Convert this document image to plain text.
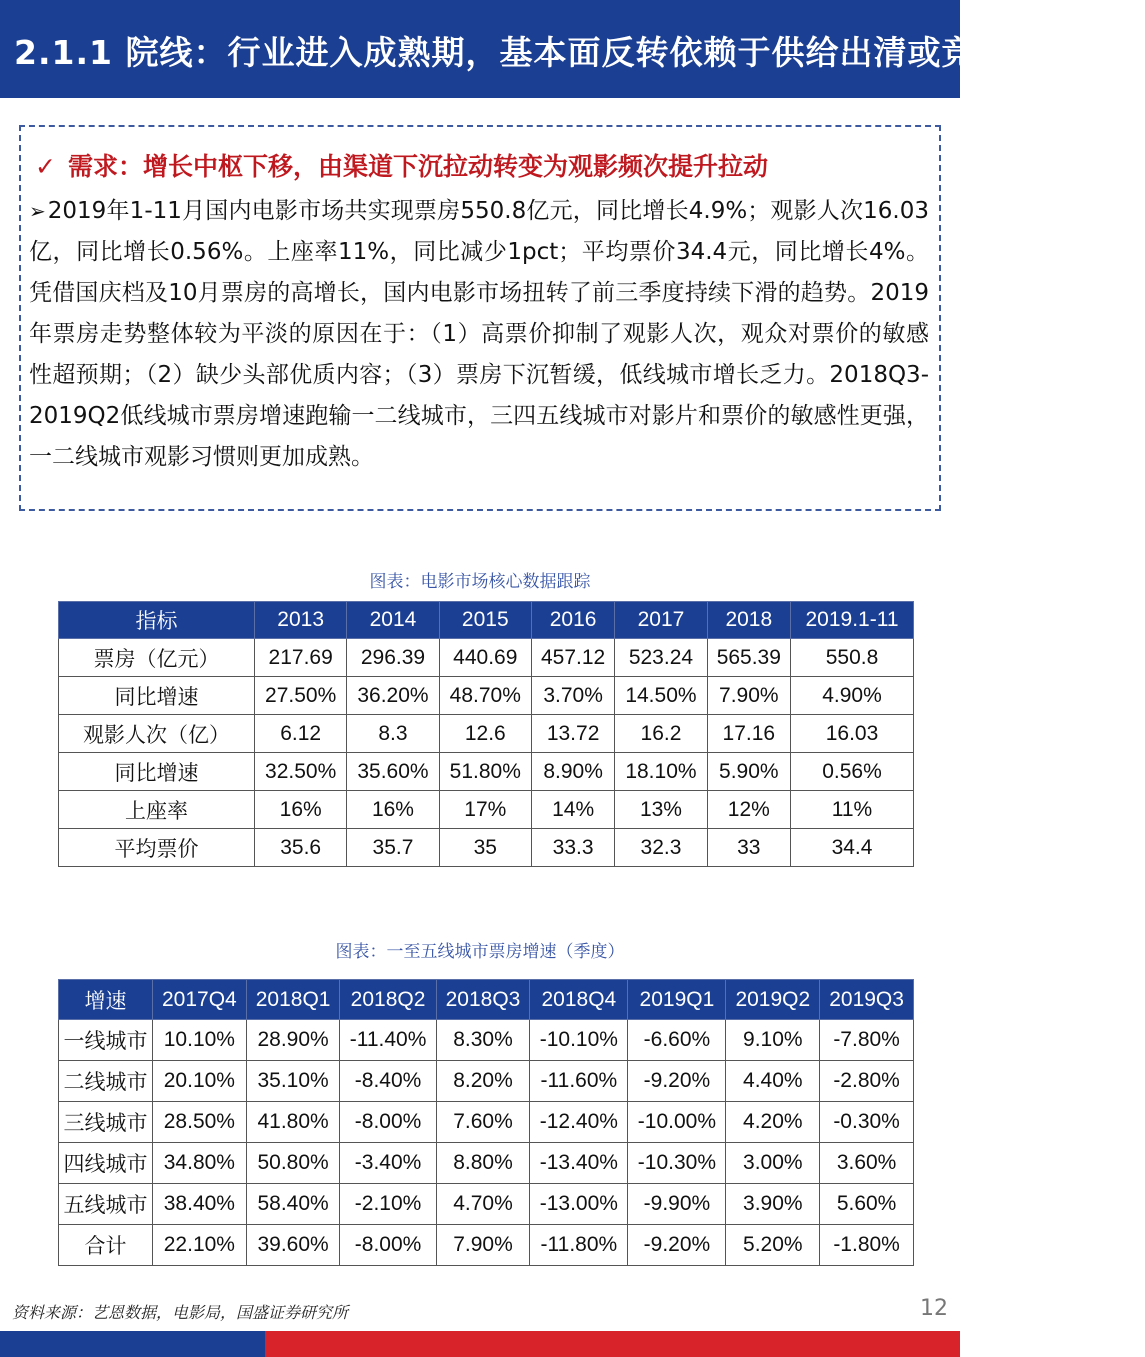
2.1.1 院线：行业进入成熟期，基本面反转依赖于供给出清或竞争格局改善
✓ 需求：增长中枢下移，由渠道下沉拉动转变为观影频次提升拉动
➢2019年1-11月国内电影市场共实现票房550.8亿元，同比增长4.9%；观影人次16.03亿，同比增长0.56%。上座率11%，同比减少1pct；平均票价34.4元，同比增长4%。凭借国庆档及10月票房的高增长，国内电影市场扭转了前三季度持续下滑的趋势。2019年票房走势整体较为平淡的原因在于：（1）高票价抑制了观影人次，观众对票价的敏感性超预期；（2）缺少头部优质内容；（3）票房下沉暂缓，低线城市增长乏力。2018Q3-2019Q2低线城市票房增速跑输一二线城市，三四五线城市对影片和票价的敏感性更强，一二线城市观影习惯则更加成熟。
图表：电影市场核心数据跟踪
指标	2013	2014	2015	2016	2017	2018	2019.1-11
票房（亿元）	217.69	296.39	440.69	457.12	523.24	565.39	550.8
同比增速	27.50%	36.20%	48.70%	3.70%	14.50%	7.90%	4.90%
观影人次（亿）	6.12	8.3	12.6	13.72	16.2	17.16	16.03
同比增速	32.50%	35.60%	51.80%	8.90%	18.10%	5.90%	0.56%
上座率	16%	16%	17%	14%	13%	12%	11%
平均票价	35.6	35.7	35	33.3	32.3	33	34.4
图表：一至五线城市票房增速（季度）
增速	2017Q4	2018Q1	2018Q2	2018Q3	2018Q4	2019Q1	2019Q2	2019Q3
一线城市	10.10%	28.90%	-11.40%	8.30%	-10.10%	-6.60%	9.10%	-7.80%
二线城市	20.10%	35.10%	-8.40%	8.20%	-11.60%	-9.20%	4.40%	-2.80%
三线城市	28.50%	41.80%	-8.00%	7.60%	-12.40%	-10.00%	4.20%	-0.30%
四线城市	34.80%	50.80%	-3.40%	8.80%	-13.40%	-10.30%	3.00%	3.60%
五线城市	38.40%	58.40%	-2.10%	4.70%	-13.00%	-9.90%	3.90%	5.60%
合计	22.10%	39.60%	-8.00%	7.90%	-11.80%	-9.20%	5.20%	-1.80%
资料来源：艺恩数据，电影局，国盛证券研究所	12
